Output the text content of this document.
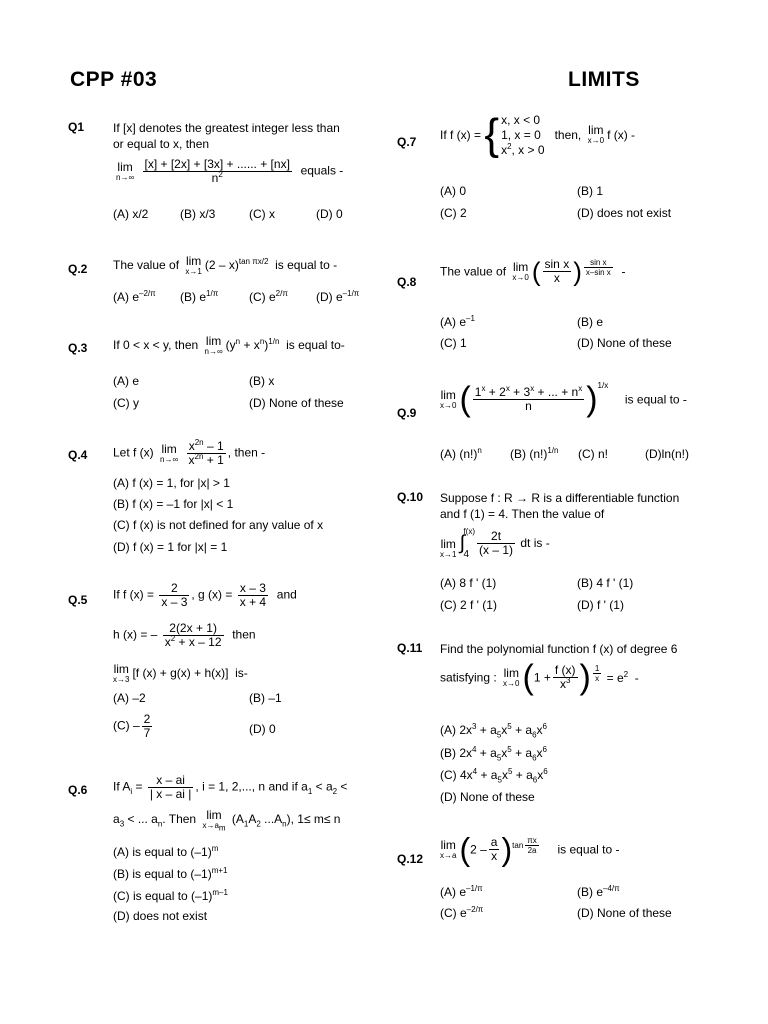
CPP #03	LIMITS
Q1 If [x] denotes the greatest integer less than
or equal to x, then
lim
n→∞
$\frac{[x] + [2x] + [3x] + ...... + [nx]}{n^2}$ equals -
(A) x/2	(B) x/3	(C) x	(D) 0
Q.2 The value of lim
x→1 (2 – x)$^{tan \pi x/2}$ is equal to -
(A) $e^{-2/\pi}$ (B) $e^{1/\pi}$	(C) $e^{2/\pi}$ (D) $e^{-1/\pi}$
Q.3 If 0 < x < y, then lim
n→∞ $(y^n + x^n)^{1/n}$ is equal to-
(A) e	(B) x
(C) y	(D) None of these
Q.4 Let f (x) lim
n→∞
$\frac{x^{2n} - 1}{x^{2n} + 1}$ , then -
(A) f (x) = 1, for |x| > 1
(B) f (x) = –1 for |x| < 1
(C) f (x) is not defined for any value of x
(D) f (x) = 1 for |x| = 1
Q.5 If f $(x) = \frac{2}{x - 3}$ , g $(x) = \frac{x - 3}{x + 4}$ and
h (x) = – $\frac{2(2x + 1)}{x^2 + x - 12}$ then
lim
x→3 [f (x) + g(x) + h(x)] is-
(A) –2	(B) –1
$(C) - \frac{2}{7}$	(D) 0
Q.6 If $A_i = \frac{x - ai}{| x - ai |}$ , i = 1, 2,..., n and if $a_1 < a_2$ <
$a_3$ < ... $a_n$. Then lim
$x\to a_m$
($A_1A_2$ $...A_n$), 1≤ m≤ n
(A) is equal to $(-1)^m$
(B) is equal to $(-1)^{m+1}$
(C) is equal to $(-1)^{m-1}$
(D) does not exist
Q.7 If f (x) = { x, x < 0
1, x = 0
$x^2$, x > 0
then, lim
x→0 f (x) -
(A) 0	(B) 1
(C) 2	(D) does not exist
Q.8
The value of lim
x→0 ( $\frac{\text{sin x}}{x}$ ) $\frac{\text{sin x}}{\text{x–sin x}}$ -
(A) $e^{-1}$	(B) e
(C) 1	(D) None of these
Q.9
lim
x→0 ( $\frac{1^x + 2^x + 3^x + ... + n^x}{n} )^{1/x}$     is equal to -
(A) $(n!)^n$ (B) $(n!)^{1/n}$ (C) n!	(D)ln(n!)
Q.10 Suppose f : R → R is a differentiable function
and f (1) = 4. Then the value of
lim
x→1
f(x)
∫
$4 \frac{2t}{(x - 1)}$ dt is -
(A) 8 f ' (1)	(B) 4 f ' (1)
(C) 2 f ' (1)	(D) f ' (1)
Q.11 Find the polynomial function f (x) of degree 6
satisfying : lim
x→0 ($1 + \frac{f (x)}{x^3}$ ) $\frac{1}{x} = e^2$ -
(A) $2x^3 + a_5x^5 + a_6x^6$
(B) $2x^4 + a_5x^5 + a_6x^6$
(C) $4x^4 + a_5x^5 + a_6x^6$
(D) None of these
Q.12
lim
x→a $(2 - \frac{a}{x} )^{tan \frac{\pi x}{2a}}$ is equal to -
(A) $e^{-1/\pi}$	(B) $e^{-4/\pi}$
(C) $e^{-2/\pi}$	(D) None of these
